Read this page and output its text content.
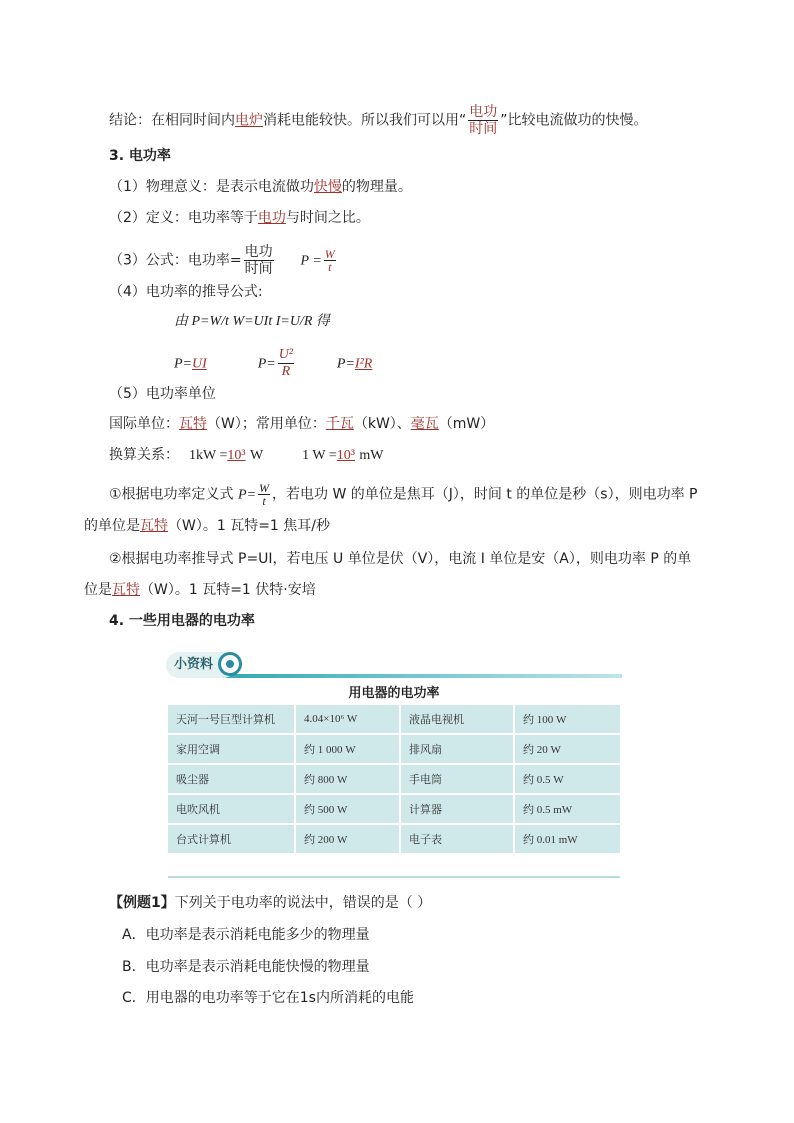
结论：在相同时间内电炉消耗电能较快。所以我们可以用“ $\frac{\text{电功}}{\text{时间}}$ ”比较电流做功的快慢。
3. 电功率
（1）物理意义：是表示电流做功快慢的物理量。
（2）定义：电功率等于电功与时间之比。
（3）公式：电功率= $\frac{\text{电功}}{\text{时间}}$ $P = \frac{W}{t}$
（4）电功率的推导公式:
由 P=W/t W=UIt I=U/R 得
P=UI	$P= \frac{\text{U²}}{R}$	P=I²R
（5）电功率单位
国际单位：瓦特（W）；常用单位：千瓦（kW）、毫瓦（mW）
换算关系： 1kW =10³ W	1 W =10³ mW
①根据电功率定义式 $P= \frac{W}{t}$ ，若电功 W 的单位是焦耳（J），时间 t 的单位是秒（s），则电功率 P
的单位是瓦特（W）。1 瓦特=1 焦耳/秒
②根据电功率推导式 P=UI，若电压 U 单位是伏（V），电流 I 单位是安（A），则电功率 P 的单
位是瓦特（W）。1 瓦特=1 伏特·安培
4. 一些用电器的电功率
小资料
用电器的电功率
天河一号巨型计算机	4.04×10⁶ W	液晶电视机	约 100 W
家用空调	约 1 000 W	排风扇	约 20 W
吸尘器	约 800 W	手电筒	约 0.5 W
电吹风机	约 500 W	计算器	约 0.5 mW
台式计算机	约 200 W	电子表	约 0.01 mW
【例题1】下列关于电功率的说法中，错误的是（ ）
A．电功率是表示消耗电能多少的物理量
B．电功率是表示消耗电能快慢的物理量
C．用电器的电功率等于它在1s内所消耗的电能
